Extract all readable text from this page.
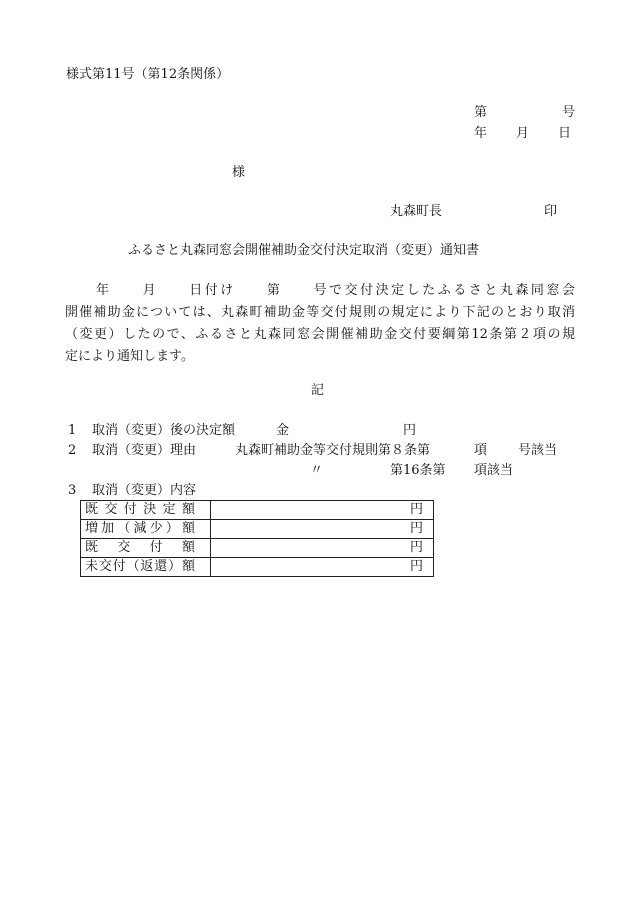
様式第11号（第12条関係）
第	号
年 月 日
様
丸森町長	印
ふるさと丸森同窓会開催補助金交付決定取消（変更）通知書
　　年　　月　　日付け　　第　　号で交付決定したふるさと丸森同窓会
開催補助金については、丸森町補助金等交付規則の規定により下記のとおり取消
（変更）したので、ふるさと丸森同窓会開催補助金交付要綱第12条第２項の規
定により通知します。
記
1 取消（変更）後の決定額	金	円
2 取消（変更）理由	丸森町補助金等交付規則第８条第	項 号該当
〃	第16条第 項該当
3 取消（変更）内容
既交付決定額	円

増加（減少）額	円

既交付額	円

未交付（返還）額	円
